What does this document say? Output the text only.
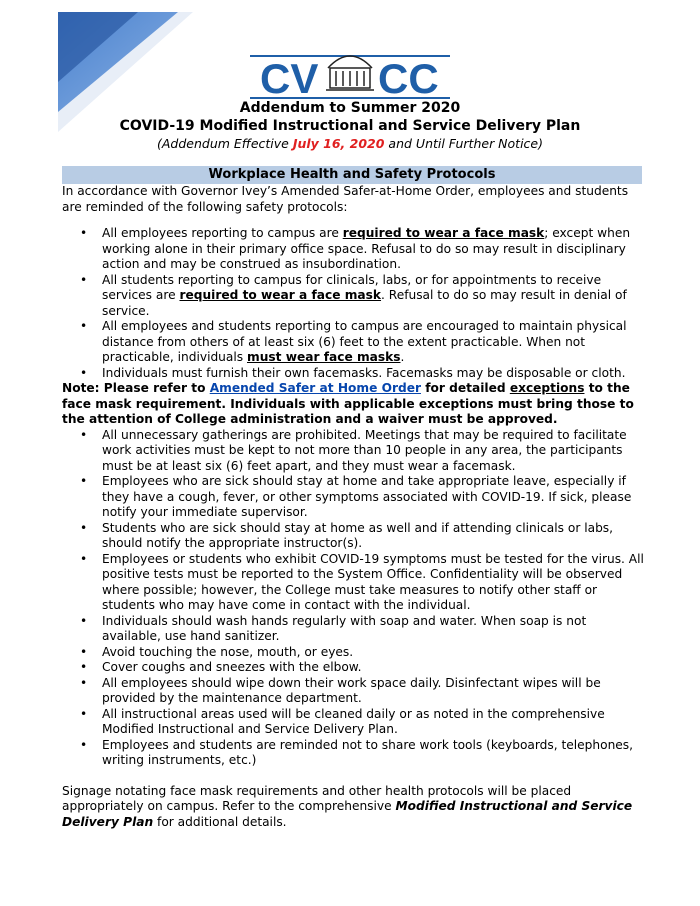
CV CC
Addendum to Summer 2020
COVID-19 Modified Instructional and Service Delivery Plan
(Addendum Effective July 16, 2020 and Until Further Notice)
Workplace Health and Safety Protocols

In accordance with Governor Ivey’s Amended Safer-at-Home Order, employees and students are reminded of the following safety protocols:

• All employees reporting to campus are required to wear a face mask; except when working alone in their primary office space. Refusal to do so may result in disciplinary action and may be construed as insubordination.
• All students reporting to campus for clinicals, labs, or for appointments to receive services are required to wear a face mask. Refusal to do so may result in denial of service.
• All employees and students reporting to campus are encouraged to maintain physical distance from others of at least six (6) feet to the extent practicable. When not practicable, individuals must wear face masks.
• Individuals must furnish their own facemasks. Facemasks may be disposable or cloth.

Note: Please refer to Amended Safer at Home Order for detailed exceptions to the face mask requirement. Individuals with applicable exceptions must bring those to the attention of College administration and a waiver must be approved.

• All unnecessary gatherings are prohibited. Meetings that may be required to facilitate work activities must be kept to not more than 10 people in any area, the participants must be at least six (6) feet apart, and they must wear a facemask.
• Employees who are sick should stay at home and take appropriate leave, especially if they have a cough, fever, or other symptoms associated with COVID-19. If sick, please notify your immediate supervisor.
• Students who are sick should stay at home as well and if attending clinicals or labs, should notify the appropriate instructor(s).
• Employees or students who exhibit COVID-19 symptoms must be tested for the virus. All positive tests must be reported to the System Office. Confidentiality will be observed where possible; however, the College must take measures to notify other staff or students who may have come in contact with the individual.
• Individuals should wash hands regularly with soap and water. When soap is not available, use hand sanitizer.
• Avoid touching the nose, mouth, or eyes.
• Cover coughs and sneezes with the elbow.
• All employees should wipe down their work space daily. Disinfectant wipes will be provided by the maintenance department.
• All instructional areas used will be cleaned daily or as noted in the comprehensive Modified Instructional and Service Delivery Plan.
• Employees and students are reminded not to share work tools (keyboards, telephones, writing instruments, etc.)

Signage notating face mask requirements and other health protocols will be placed appropriately on campus. Refer to the comprehensive Modified Instructional and Service Delivery Plan for additional details.
